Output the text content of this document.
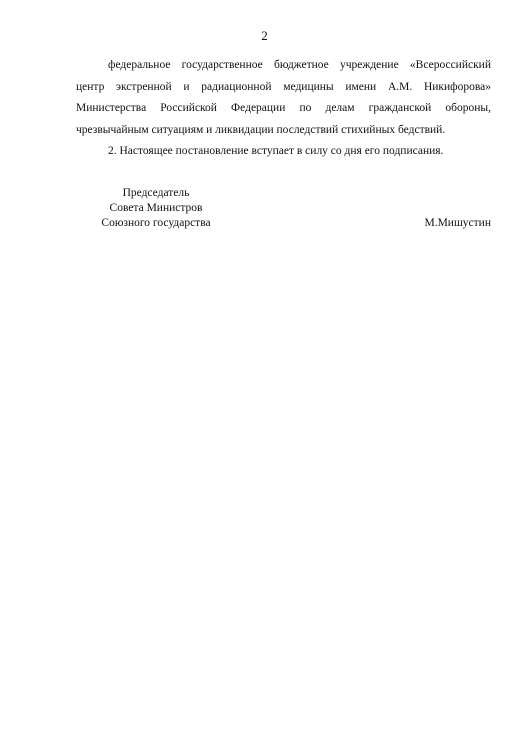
2
федеральное государственное бюджетное учреждение «Всероссийский
центр экстренной и радиационной медицины имени А.М. Никифорова»
Министерства Российской Федерации по делам гражданской обороны,
чрезвычайным ситуациям и ликвидации последствий стихийных бедствий.

2. Настоящее постановление вступает в силу со дня его подписания.

Председатель
Совета Министров
Союзного государства	М.Мишустин
